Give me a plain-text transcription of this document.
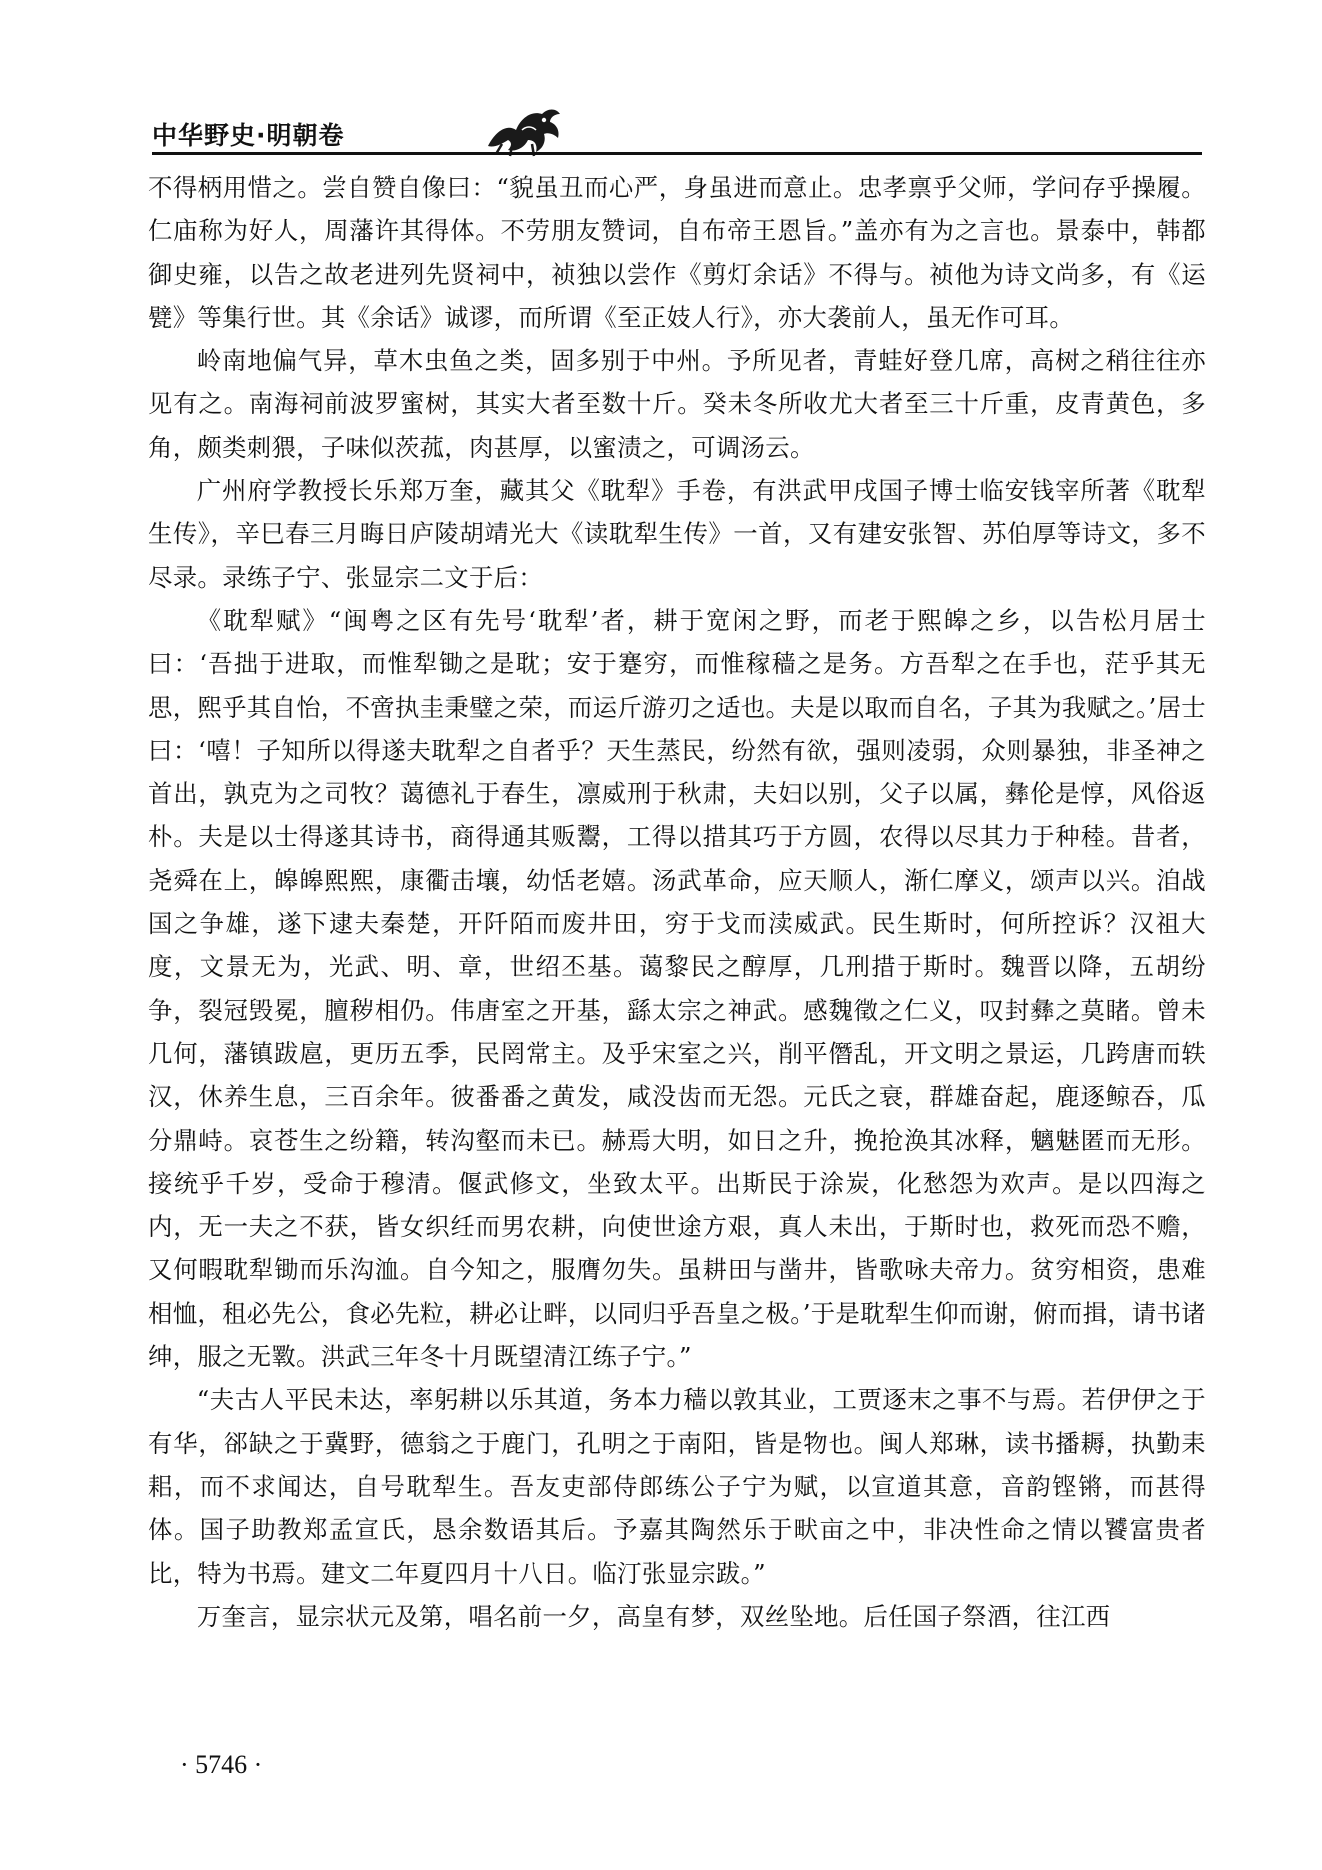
中华野史·明朝卷

不得柄用惜之。尝自赞自像曰：“貌虽丑而心严，身虽进而意止。忠孝禀乎父师，学问存乎操履。仁庙称为好人，周藩许其得体。不劳朋友赞词，自布帝王恩旨。”盖亦有为之言也。景泰中，韩都御史雍，以告之故老进列先贤祠中，祯独以尝作《剪灯余话》不得与。祯他为诗文尚多，有《运甓》等集行世。其《余话》诚谬，而所谓《至正妓人行》，亦大袭前人，虽无作可耳。

岭南地偏气异，草木虫鱼之类，固多别于中州。予所见者，青蛙好登几席，高树之稍往往亦见有之。南海祠前波罗蜜树，其实大者至数十斤。癸未冬所收尤大者至三十斤重，皮青黄色，多角，颇类刺猥，子味似茨菰，肉甚厚，以蜜渍之，可调汤云。

广州府学教授长乐郑万奎，藏其父《耽犁》手卷，有洪武甲戌国子博士临安钱宰所著《耽犁生传》，辛巳春三月晦日庐陵胡靖光大《读耽犁生传》一首，又有建安张智、苏伯厚等诗文，多不尽录。录练子宁、张显宗二文于后：

《耽犁赋》“闽粤之区有先号‘耽犁’者，耕于宽闲之野，而老于熙皞之乡，以告松月居士曰：‘吾拙于进取，而惟犁锄之是耽；安于蹇穷，而惟稼穑之是务。方吾犁之在手也，茫乎其无思，熙乎其自怡，不啻执圭秉璧之荣，而运斤游刃之适也。夫是以取而自名，子其为我赋之。’居士曰：‘嘻！子知所以得遂夫耽犁之自者乎？天生蒸民，纷然有欲，强则凌弱，众则暴独，非圣神之首出，孰克为之司牧？蔼德礼于春生，凛威刑于秋肃，夫妇以别，父子以属，彝伦是惇，风俗返朴。夫是以士得遂其诗书，商得通其贩鬻，工得以措其巧于方圆，农得以尽其力于种稑。昔者，尧舜在上，皞皞熙熙，康衢击壤，幼恬老嬉。汤武革命，应天顺人，渐仁摩义，颂声以兴。洎战国之争雄，遂下逮夫秦楚，开阡陌而废井田，穷于戈而渎威武。民生斯时，何所控诉？汉祖大度，文景无为，光武、明、章，世绍丕基。蔼黎民之醇厚，几刑措于斯时。魏晋以降，五胡纷争，裂冠毁冕，膻秽相仍。伟唐室之开基，繇太宗之神武。感魏徵之仁义，叹封彝之莫睹。曾未几何，藩镇跋扈，更历五季，民罔常主。及乎宋室之兴，削平僭乱，开文明之景运，几跨唐而轶汉，休养生息，三百余年。彼番番之黄发，咸没齿而无怨。元氏之衰，群雄奋起，鹿逐鲸吞，瓜分鼎峙。哀苍生之纷籍，转沟壑而未已。赫焉大明，如日之升，挽抢涣其冰释，魑魅匿而无形。接统乎千岁，受命于穆清。偃武修文，坐致太平。出斯民于涂炭，化愁怨为欢声。是以四海之内，无一夫之不获，皆女织纴而男农耕，向使世途方艰，真人未出，于斯时也，救死而恐不赡，又何暇耽犁锄而乐沟洫。自今知之，服膺勿失。虽耕田与凿井，皆歌咏夫帝力。贫穷相资，患难相恤，租必先公，食必先粒，耕必让畔，以同归乎吾皇之极。’于是耽犁生仰而谢，俯而揖，请书诸绅，服之无斁。洪武三年冬十月既望清江练子宁。”

“夫古人平民未达，率躬耕以乐其道，务本力穑以敦其业，工贾逐末之事不与焉。若伊伊之于有华，郤缺之于冀野，德翁之于鹿门，孔明之于南阳，皆是物也。闽人郑琳，读书播耨，执勤耒耜，而不求闻达，自号耽犁生。吾友吏部侍郎练公子宁为赋，以宣道其意，音韵铿锵，而甚得体。国子助教郑孟宣氏，恳余数语其后。予嘉其陶然乐于畎亩之中，非决性命之情以饕富贵者比，特为书焉。建文二年夏四月十八日。临汀张显宗跋。”

万奎言，显宗状元及第，唱名前一夕，高皇有梦，双丝坠地。后任国子祭酒，往江西

· 5746 ·
